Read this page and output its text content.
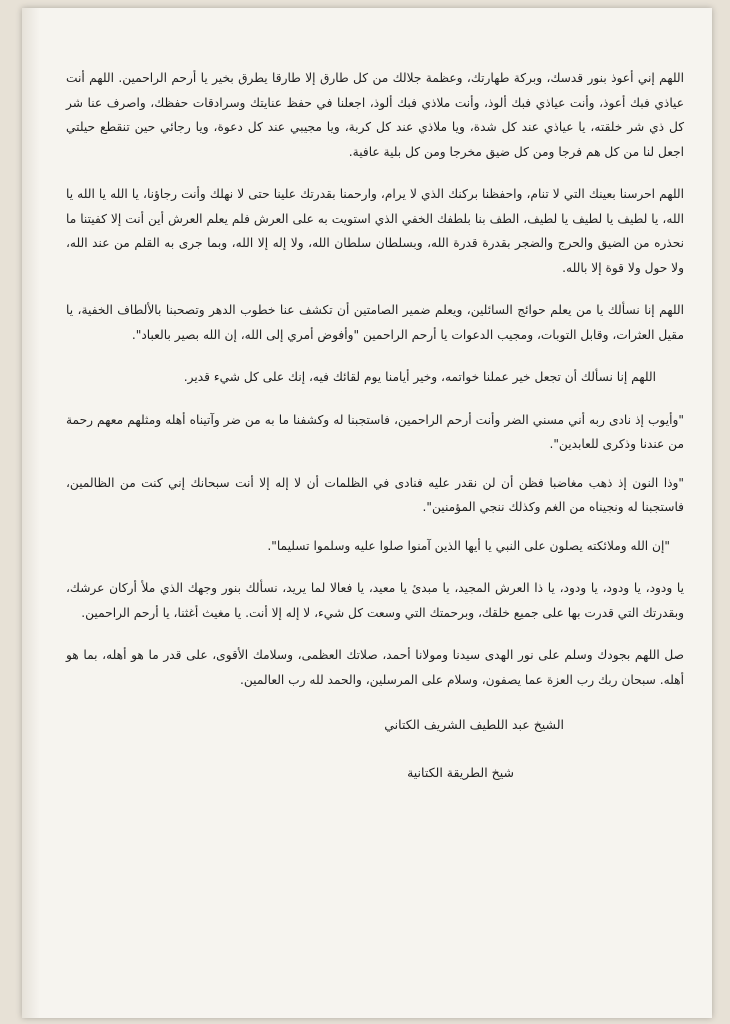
اللهم إني أعوذ بنور قدسك، وبركة طهارتك، وعظمة جلالك من كل طارق إلا طارقا يطرق بخير يا أرحم الراحمين. اللهم أنت عياذي فبك أعوذ، وأنت عياذي فبك ألوذ، وأنت ملاذي فبك ألوذ، اجعلنا في حفظ عنايتك وسرادقات حفظك، واصرف عنا شر كل ذي شر خلقته، يا عياذي عند كل شدة، ويا ملاذي عند كل كربة، ويا مجيبي عند كل دعوة، ويا رجائي حين تنقطع حيلتي اجعل لنا من كل هم فرجا ومن كل ضيق مخرجا ومن كل بلية عافية.

اللهم احرسنا بعينك التي لا تنام، واحفظنا بركنك الذي لا يرام، وارحمنا بقدرتك علينا حتى لا نهلك وأنت رجاؤنا، يا الله يا الله يا الله، يا لطيف يا لطيف يا لطيف، الطف بنا بلطفك الخفي الذي استويت به على العرش فلم يعلم العرش أين أنت إلا كفيتنا ما نحذره من الضيق والحرج والضجر بقدرة قدرة الله، وبسلطان سلطان الله، ولا إله إلا الله، وبما جرى به القلم من عند الله، ولا حول ولا قوة إلا بالله.

اللهم إنا نسألك يا من يعلم حوائج السائلين، ويعلم ضمير الصامتين أن تكشف عنا خطوب الدهر وتصحبنا بالألطاف الخفية، يا مقيل العثرات، وقابل التوبات، ومجيب الدعوات يا أرحم الراحمين "وأفوض أمري إلى الله، إن الله بصير بالعباد".

اللهم إنا نسألك أن تجعل خير عملنا خواتمه، وخير أيامنا يوم لقائك فيه، إنك على كل شيء قدير.

"وأيوب إذ نادى ربه أني مسني الضر وأنت أرحم الراحمين، فاستجبنا له وكشفنا ما به من ضر وآتيناه أهله ومثلهم معهم رحمة من عندنا وذكرى للعابدين".

"وذا النون إذ ذهب مغاضبا فظن أن لن نقدر عليه فنادى في الظلمات أن لا إله إلا أنت سبحانك إني كنت من الظالمين، فاستجبنا له ونجيناه من الغم وكذلك ننجي المؤمنين".

"إن الله وملائكته يصلون على النبي يا أيها الذين آمنوا صلوا عليه وسلموا تسليما".

يا ودود، يا ودود، يا ودود، يا ذا العرش المجيد، يا مبدئ يا معيد، يا فعالا لما يريد، نسألك بنور وجهك الذي ملأ أركان عرشك، وبقدرتك التي قدرت بها على جميع خلقك، وبرحمتك التي وسعت كل شيء، لا إله إلا أنت. يا مغيث أغثنا، يا أرحم الراحمين.

صل اللهم بجودك وسلم على نور الهدى سيدنا ومولانا أحمد، صلاتك العظمى، وسلامك الأقوى، على قدر ما هو أهله، بما هو أهله. سبحان ربك رب العزة عما يصفون، وسلام على المرسلين، والحمد لله رب العالمين.

الشيخ عبد اللطيف الشريف الكتاني
شيخ الطريقة الكتانية
